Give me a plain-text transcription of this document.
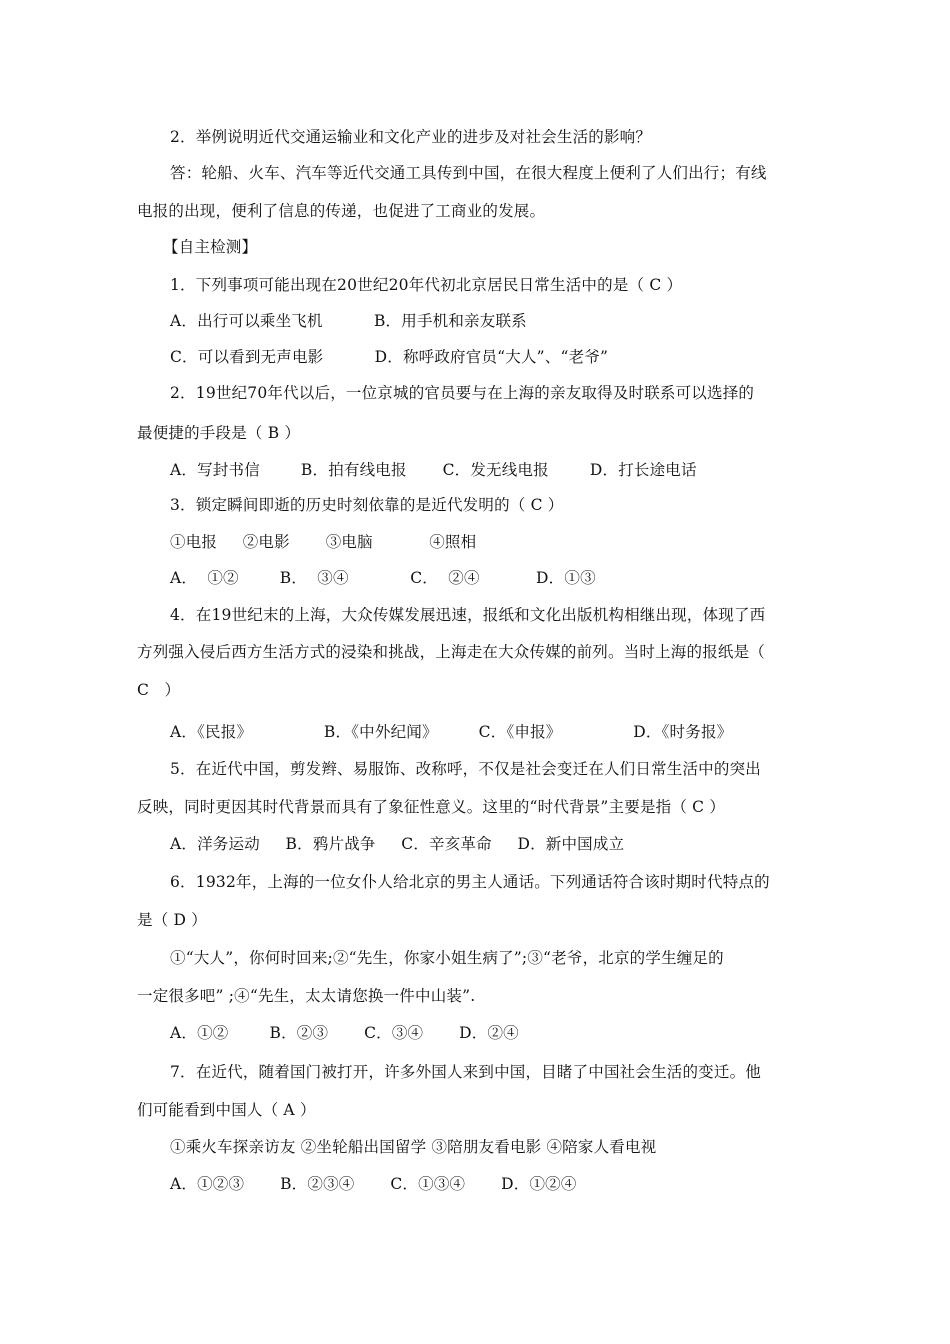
2．举例说明近代交通运输业和文化产业的进步及对社会生活的影响？
答：轮船、火车、汽车等近代交通工具传到中国，在很大程度上便利了人们出行；有线
电报的出现，便利了信息的传递，也促进了工商业的发展。
【自主检测】
1．下列事项可能出现在20世纪20年代初北京居民日常生活中的是（ C ）
A．出行可以乘坐飞机          B．用手机和亲友联系
C．可以看到无声电影          D．称呼政府官员“大人”、“老爷”
2．19世纪70年代以后，一位京城的官员要与在上海的亲友取得及时联系可以选择的
最便捷的手段是（ B ）
A．写封书信        B．拍有线电报       C．发无线电报        D．打长途电话
3．锁定瞬间即逝的历史时刻依靠的是近代发明的（ C ）
①电报     ②电影       ③电脑           ④照相
A．  ①②        B．  ③④            C．  ②④           D．①③
4．在19世纪末的上海，大众传媒发展迅速，报纸和文化出版机构相继出现，体现了西
方列强入侵后西方生活方式的浸染和挑战，上海走在大众传媒的前列。当时上海的报纸是（
C   ）
A．《民报》              B．《中外纪闻》        C．《申报》              D．《时务报》
5．在近代中国，剪发辫、易服饰、改称呼，不仅是社会变迁在人们日常生活中的突出
反映，同时更因其时代背景而具有了象征性意义。这里的“时代背景”主要是指（ C ）
A．洋务运动     B．鸦片战争     C．辛亥革命     D．新中国成立
6．1932年，上海的一位女仆人给北京的男主人通话。下列通话符合该时期时代特点的
是（ D ）
①“大人”，你何时回来;②“先生，你家小姐生病了”;③“老爷，北京的学生缠足的
一定很多吧” ;④“先生，太太请您换一件中山装”.
A．①②        B．②③       C．③④       D．②④
7．在近代，随着国门被打开，许多外国人来到中国，目睹了中国社会生活的变迁。他
们可能看到中国人（ A ）
①乘火车探亲访友 ②坐轮船出国留学 ③陪朋友看电影 ④陪家人看电视
A．①②③       B．②③④       C．①③④       D．①②④
